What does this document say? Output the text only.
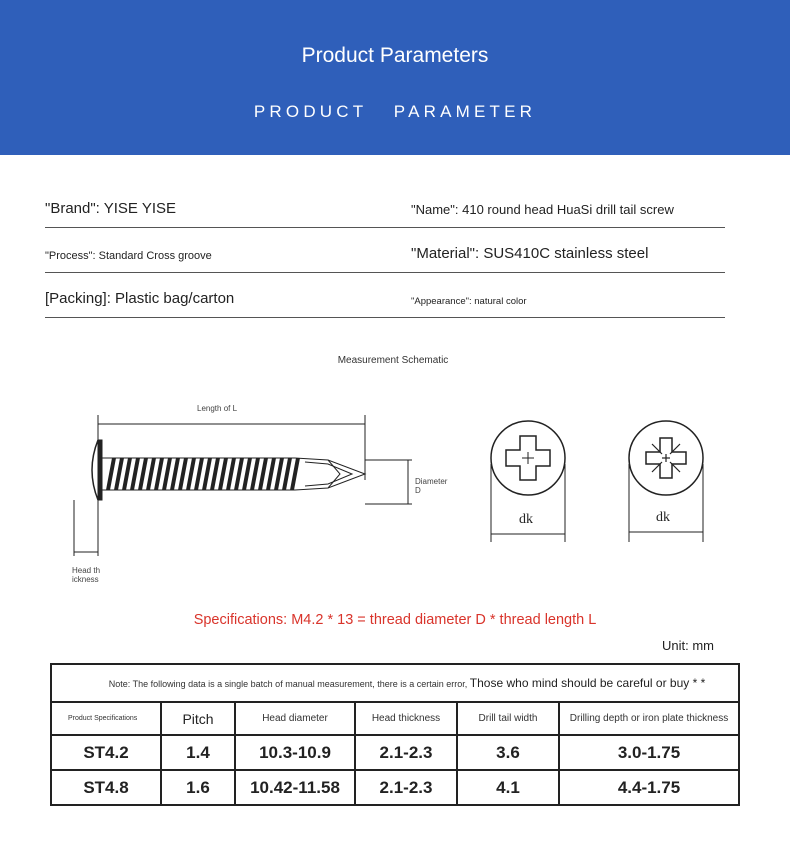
Product Parameters
PRODUCT   PARAMETER
"Brand": YISE YISE	"Name": 410 round head HuaSi drill tail screw
"Process": Standard Cross groove	"Material": SUS410C stainless steel
[Packing]: Plastic bag/carton	"Appearance": natural color
Measurement Schematic
Length of L
Diameter D
Head th ickness
dk	dk
Specifications: M4.2 * 13 = thread diameter D * thread length L
Unit: mm
Note: The following data is a single batch of manual measurement, there is a certain error, Those who mind should be careful or buy * *					
Product Specifications	Pitch	Head diameter	Head thickness	Drill tail width	Drilling depth or iron plate thickness
ST4.2	1.4	10.3-10.9	2.1-2.3	3.6	3.0-1.75
ST4.8	1.6	10.42-11.58	2.1-2.3	4.1	4.4-1.75
